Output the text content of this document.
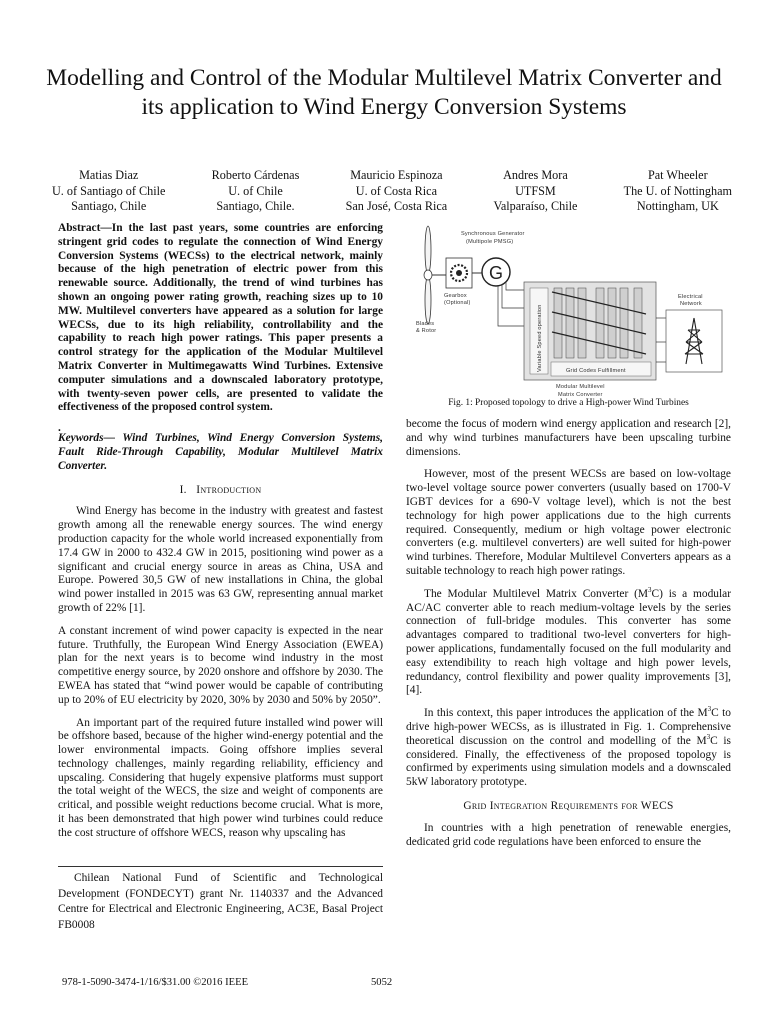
Modelling and Control of the Modular Multilevel Matrix Converter and its application to Wind Energy Conversion Systems
Matias Diaz
U. of Santiago of Chile
Santiago, Chile
Roberto Cárdenas
U. of Chile
Santiago, Chile.
Mauricio Espinoza
U. of Costa Rica
San José, Costa Rica
Andres Mora
UTFSM
Valparaíso, Chile
Pat Wheeler
The U. of Nottingham
Nottingham, UK

Abstract—In the last past years, some countries are enforcing stringent grid codes to regulate the connection of Wind Energy Conversion Systems (WECSs) to the electrical network, mainly because of the high penetration of electric power from this renewable source. Additionally, the trend of wind turbines has shown an ongoing power rating growth, reaching sizes up to 10 MW. Multilevel converters have appeared as a solution for large WECSs, due to its high reliability, controllability and the capability to reach high power ratings. This paper presents a control strategy for the application of the Modular Multilevel Matrix Converter in Multimegawatts Wind Turbines. Extensive computer simulations and a downscaled laboratory prototype, with twenty-seven power cells, are presented to validate the effectiveness of the proposed control system.

.

Keywords— Wind Turbines, Wind Energy Conversion Systems, Fault Ride-Through Capability, Modular Multilevel Matrix Converter.

I. Introduction

Wind Energy has become in the industry with greatest and fastest growth among all the renewable energy sources. The wind energy production capacity for the whole world increased exponentially from 17.4 GW in 2000 to 432.4 GW in 2015, positioning wind power as a significant and crucial energy source in areas as China, USA and Europe. Powered 30,5 GW of new installations in China, the global wind power installed in 2015 was 63 GW, representing annual market growth of 22% [1].

A constant increment of wind power capacity is expected in the near future. Truthfully, the European Wind Energy Association (EWEA) plan for the next years is to become wind industry in the most competitive energy source, by 2020 onshore and offshore by 2030. The EWEA has stated that “wind power would be capable of contributing up to 20% of EU electricity by 2020, 30% by 2030 and 50% by 2050”.

An important part of the required future installed wind power will be offshore based, because of the higher wind-energy potential and the lower environmental impacts. Going offshore implies several technology challenges, mainly regarding reliability, efficiency and upscaling. Considering that hugely expensive platforms must support the total weight of the WECS, the size and weight of components are critical, and possible weight reductions become crucial. What is more, it has been demonstrated that high power wind turbines could reduce the cost structure of offshore WECS, reason why upscaling has

Chilean National Fund of Scientific and Technological Development (FONDECYT) grant Nr. 1140337 and the Advanced Centre for Electrical and Electronic Engineering, AC3E, Basal Project FB0008
G
Synchronous Generator
(Multipole PMSG)
Gearbox
(Optional)
Blades
& Rotor	Variable Speed operation	Grid Codes Fulfillment
Modular Multilevel
Matrix Converter
Electrical
Network
Fig. 1: Proposed topology to drive a High-power Wind Turbines

become the focus of modern wind energy application and research [2], and why wind turbines manufacturers have been upscaling turbine dimensions.

However, most of the present WECSs are based on low-voltage two-level voltage source power converters (usually based on 1700-V IGBT devices for a 690-V voltage level), which is not the best technology for high power applications due to the high currents required. Consequently, medium or high voltage power electronic converters (e.g. multilevel converters) are well suited for high-power wind turbines. Therefore, Modular Multilevel Converters appears as a suitable technology to reach high power ratings.

The Modular Multilevel Matrix Converter $(M^3C)$ is a modular AC/AC converter able to reach medium-voltage levels by the series connection of full-bridge modules. This converter has some advantages compared to traditional two-level converters for high-power applications, fundamentally focused on the full modularity and easy extendibility to reach high voltage and high power levels, redundancy, control flexibility and power quality improvements [3], [4].

In this context, this paper introduces the application of the $M^3C$ to drive high-power WECSs, as is illustrated in Fig. 1. Comprehensive theoretical discussion on the control and modelling of the $M^3C$ is considered. Finally, the effectiveness of the proposed topology is confirmed by experiments using simulation models and a downscaled 5kW laboratory prototype.

Grid Integration Requirements for WECS

In countries with a high penetration of renewable energies, dedicated grid code regulations have been enforced to ensure the

978-1-5090-3474-1/16/$31.00 ©2016 IEEE	5052
